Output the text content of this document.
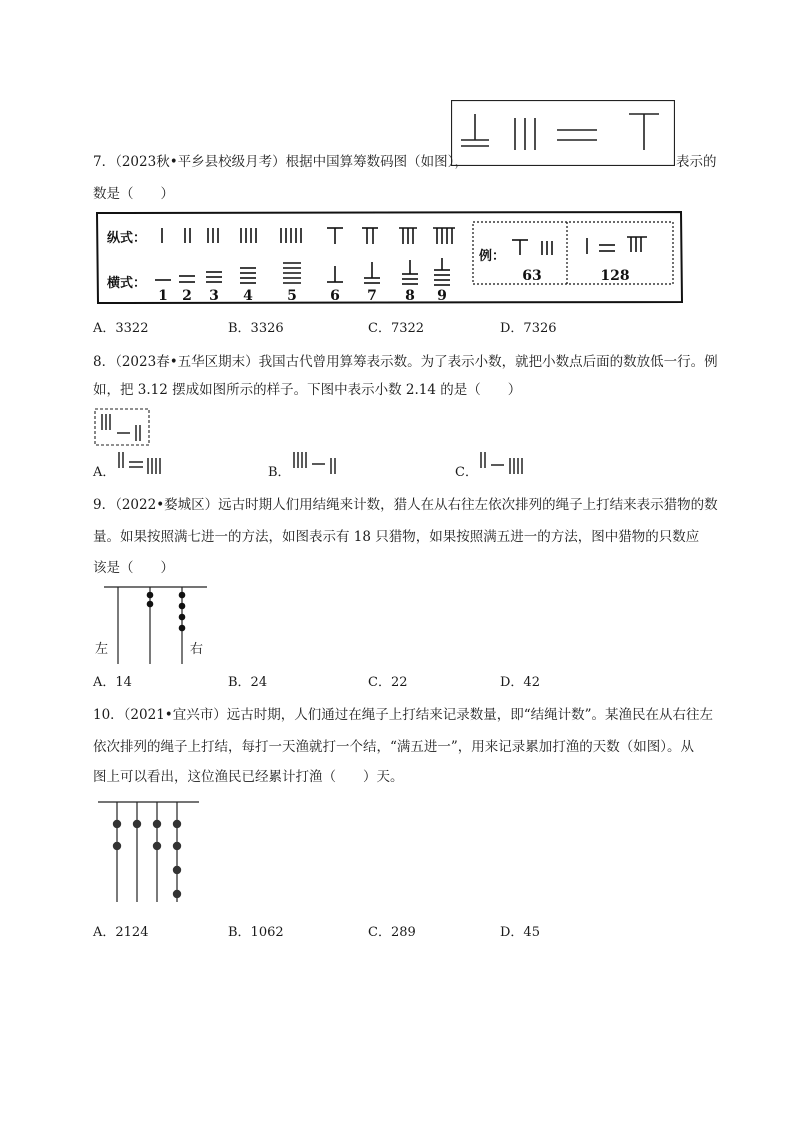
7．（2023秋•平乡县校级月考）根据中国算筹数码图（如图），	表示的
数是（　　）
纵式：
横式：
1 2 3 4 5 6 7 8 9
例：
63	128
A．3322	B．3326	C．7322	D．7326
8．（2023春•五华区期末）我国古代曾用算筹表示数。为了表示小数，就把小数点后面的数放低一行。例
如，把 3.12 摆成如图所示的样子。下图中表示小数 2.14 的是（　　）
A．	B．	C．
9．（2022•婺城区）远古时期人们用结绳来计数，猎人在从右往左依次排列的绳子上打结来表示猎物的数
量。如果按照满七进一的方法，如图表示有 18 只猎物，如果按照满五进一的方法，图中猎物的只数应
该是（　　）
左	右
A．14	B．24	C．22	D．42
10．（2021•宜兴市）远古时期，人们通过在绳子上打结来记录数量，即“结绳计数”。某渔民在从右往左
依次排列的绳子上打结，每打一天渔就打一个结，“满五进一”，用来记录累加打渔的天数（如图）。从
图上可以看出，这位渔民已经累计打渔（　　）天。
A．2124	B．1062	C．289	D．45
